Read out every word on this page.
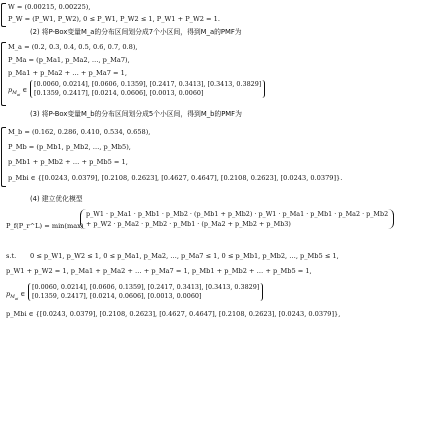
W = (0.00215, 0.00225),
P_W = (P_W1, P_W2), 0 ≤ P_W1, P_W2 ≤ 1, P_W1 + P_W2 = 1.
(2) 将P-Box变量M_a的分布区间划分成7个小区间，得到M_a的PMF为
M_a = (0.2, 0.3, 0.4, 0.5, 0.6, 0.7, 0.8),
P_Ma = (p_Ma1, p_Ma2, …, p_Ma7),
p_Ma1 + p_Ma2 + … + p_Ma7 = 1,
$p_{M_{ai}}$ ∈
[0.0060, 0.0214], [0.0606, 0.1359], [0.2417, 0.3413], [0.3413, 0.3829]
[0.1359, 0.2417], [0.0214, 0.0606], [0.0013, 0.0060]
(3) 将P-Box变量M_b的分布区间划分成5个小区间，得到M_b的PMF为
M_b = (0.162, 0.286, 0.410, 0.534, 0.658),
P_Mb = (p_Mb1, p_Mb2, …, p_Mb5),
p_Mb1 + p_Mb2 + … + p_Mb5 = 1,
p_Mbi ∈ {[0.0243, 0.0379], [0.2108, 0.2623], [0.4627, 0.4647], [0.2108, 0.2623], [0.0243, 0.0379]}.
(4) 建立优化模型
P_f(P_r^L) = min(max)
p_W1 · p_Ma1 · p_Mb1 · p_Mb2 · (p_Mb1 + p_Mb2) · p_W1 · p_Ma1 · p_Mb1 · p_Ma2 · p_Mb2
+ p_W2 · p_Ma2 · p_Mb2 · p_Mb1 · (p_Ma2 + p_Mb2 + p_Mb3)
s.t. 0 ≤ p_W1, p_W2 ≤ 1, 0 ≤ p_Ma1, p_Ma2, …, p_Ma7 ≤ 1, 0 ≤ p_Mb1, p_Mb2, …, p_Mb5 ≤ 1,
p_W1 + p_W2 = 1, p_Ma1 + p_Ma2 + … + p_Ma7 = 1, p_Mb1 + p_Mb2 + … + p_Mb5 = 1,
$p_{M_{ai}}$ ∈
[0.0060, 0.0214], [0.0606, 0.1359], [0.2417, 0.3413], [0.3413, 0.3829]
[0.1359, 0.2417], [0.0214, 0.0606], [0.0013, 0.0060]
p_Mbi ∈ {[0.0243, 0.0379], [0.2108, 0.2623], [0.4627, 0.4647], [0.2108, 0.2623], [0.0243, 0.0379]},
